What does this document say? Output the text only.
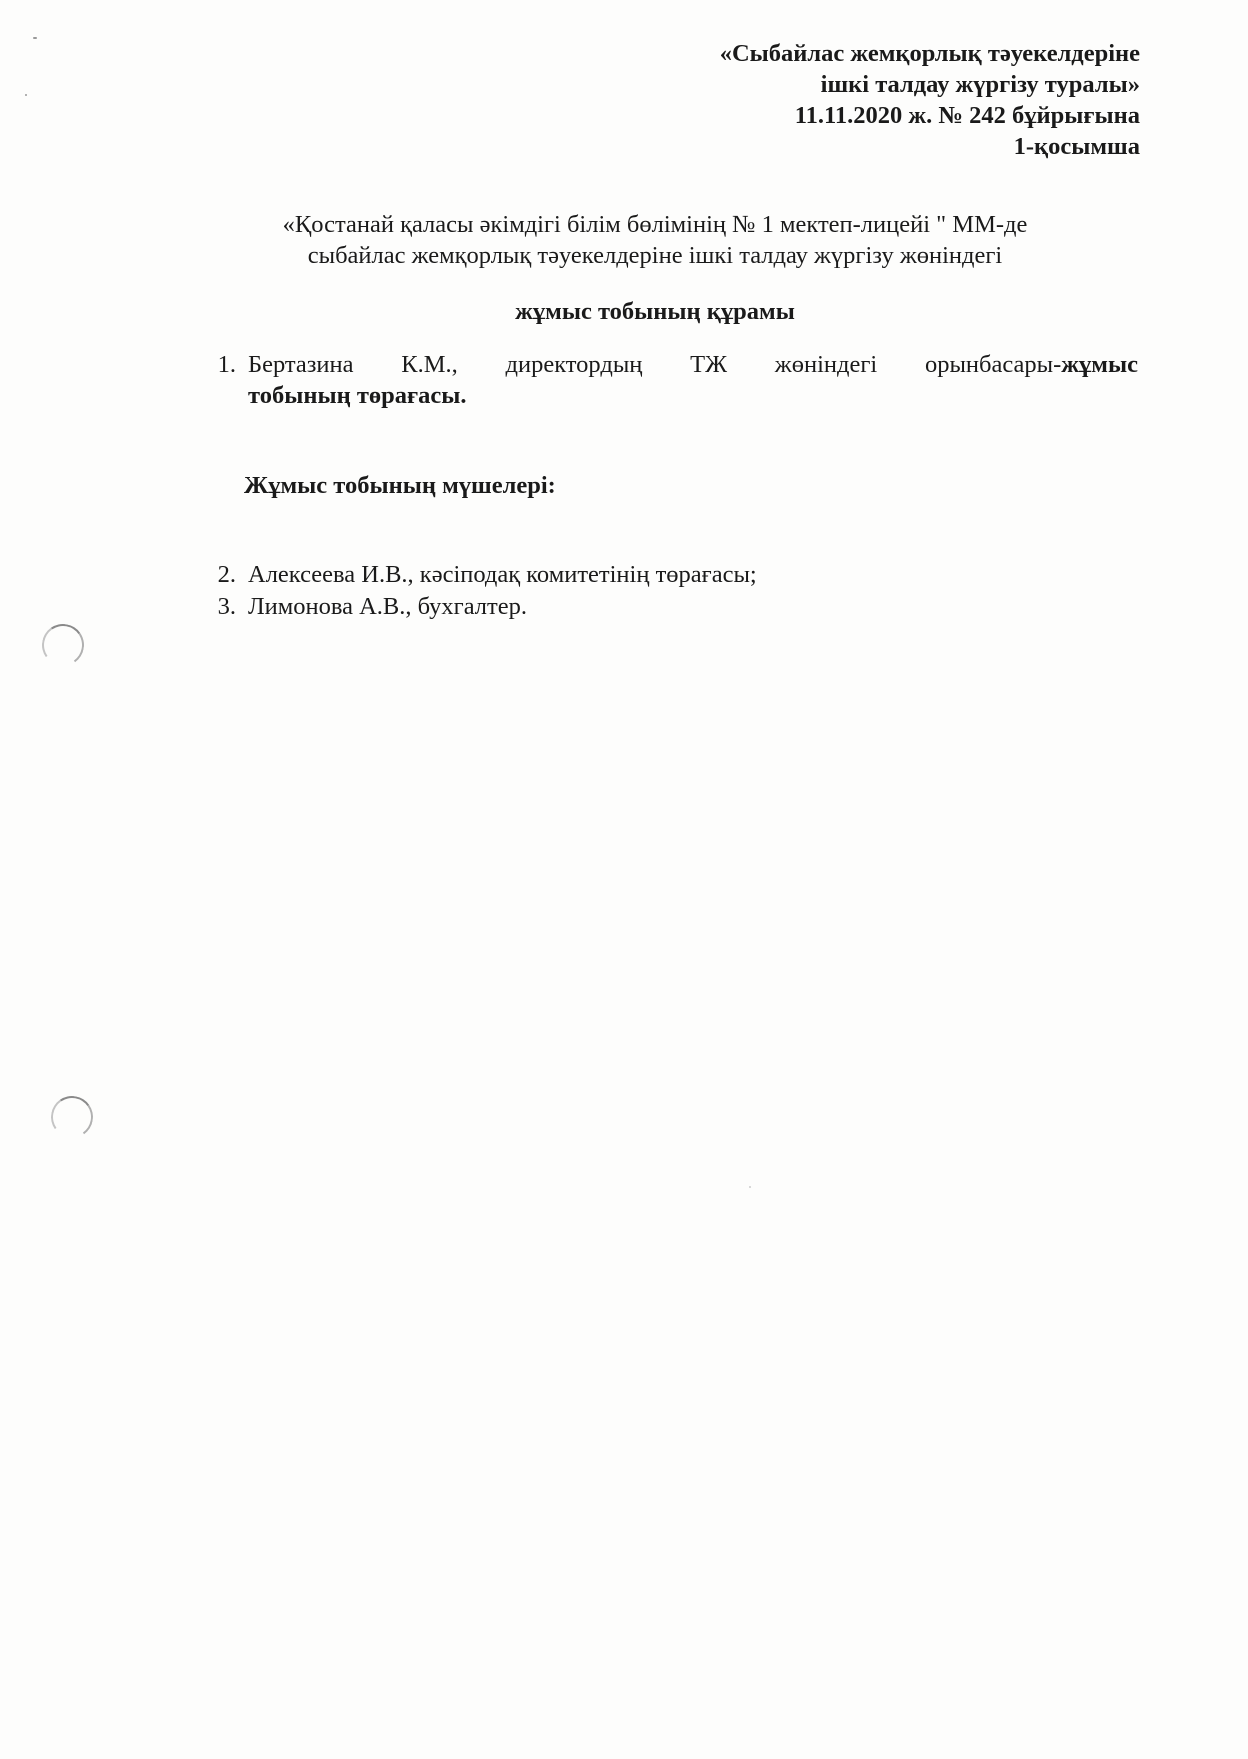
«Сыбайлас жемқорлық тәуекелдеріне
ішкі талдау жүргізу туралы»
11.11.2020 ж. № 242 бұйрығына
1-қосымша
«Қостанай қаласы әкімдігі білім бөлімінің № 1 мектеп-лицейі " ММ-де
сыбайлас жемқорлық тәуекелдеріне ішкі талдау жүргізу жөніндегі
жұмыс тобының құрамы
1. Бертазина К.М., директордың ТЖ жөніндегі орынбасары-жұмыс
тобының төрағасы.
Жұмыс тобының мүшелері:
2. Алексеева И.В., кәсіподақ комитетінің төрағасы;
3. Лимонова А.В., бухгалтер.
